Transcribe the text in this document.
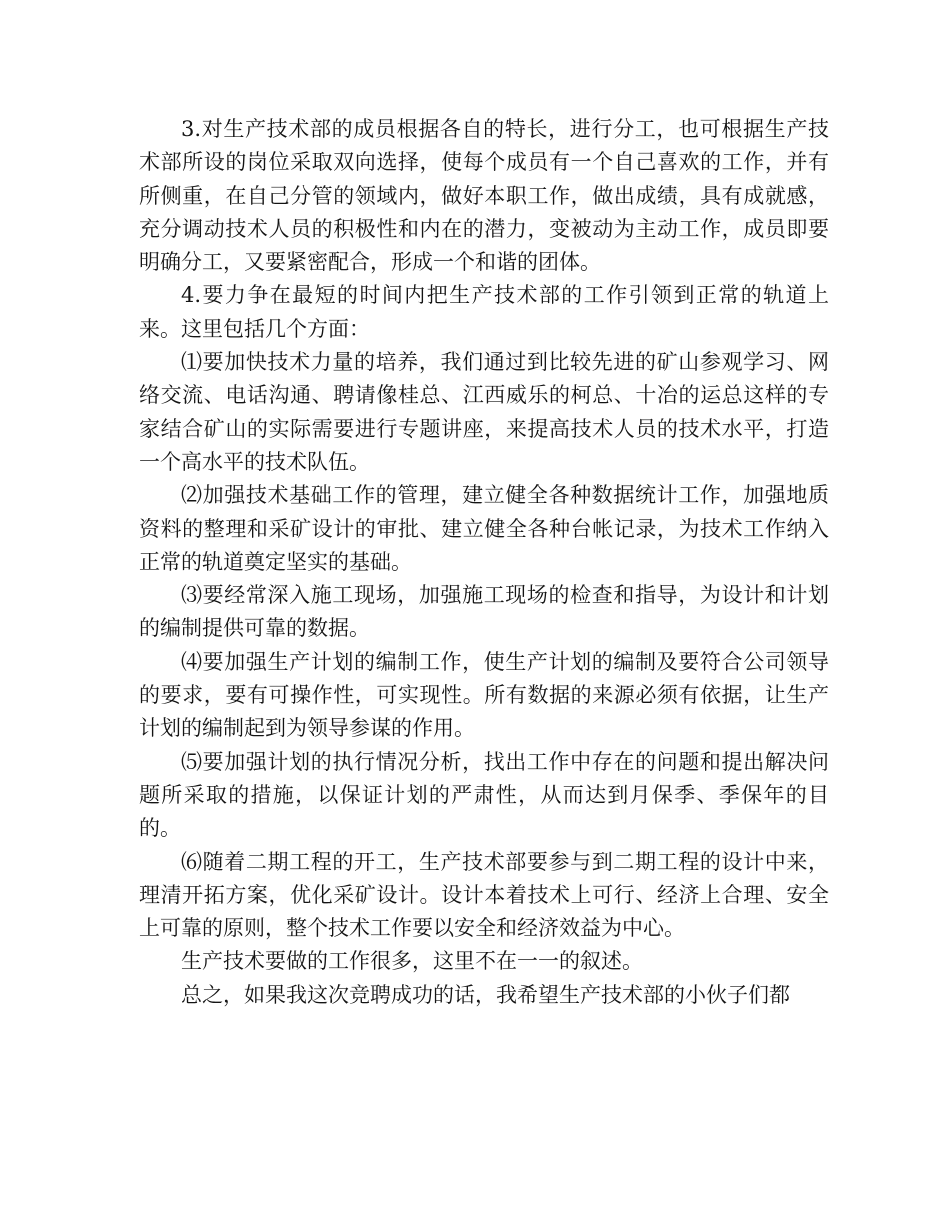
3.对生产技术部的成员根据各自的特长，进行分工，也可根据生产技术部所设的岗位采取双向选择，使每个成员有一个自己喜欢的工作，并有所侧重，在自己分管的领域内，做好本职工作，做出成绩，具有成就感，充分调动技术人员的积极性和内在的潜力，变被动为主动工作，成员即要明确分工，又要紧密配合，形成一个和谐的团体。

4.要力争在最短的时间内把生产技术部的工作引领到正常的轨道上来。这里包括几个方面：

⑴要加快技术力量的培养，我们通过到比较先进的矿山参观学习、网络交流、电话沟通、聘请像桂总、江西威乐的柯总、十冶的运总这样的专家结合矿山的实际需要进行专题讲座，来提高技术人员的技术水平，打造一个高水平的技术队伍。

⑵加强技术基础工作的管理，建立健全各种数据统计工作，加强地质资料的整理和采矿设计的审批、建立健全各种台帐记录，为技术工作纳入正常的轨道奠定坚实的基础。

⑶要经常深入施工现场，加强施工现场的检查和指导，为设计和计划的编制提供可靠的数据。

⑷要加强生产计划的编制工作，使生产计划的编制及要符合公司领导的要求，要有可操作性，可实现性。所有数据的来源必须有依据，让生产计划的编制起到为领导参谋的作用。

⑸要加强计划的执行情况分析，找出工作中存在的问题和提出解决问题所采取的措施，以保证计划的严肃性，从而达到月保季、季保年的目的。

⑹随着二期工程的开工，生产技术部要参与到二期工程的设计中来，理清开拓方案，优化采矿设计。设计本着技术上可行、经济上合理、安全上可靠的原则，整个技术工作要以安全和经济效益为中心。

生产技术要做的工作很多，这里不在一一的叙述。

总之，如果我这次竞聘成功的话，我希望生产技术部的小伙子们都
